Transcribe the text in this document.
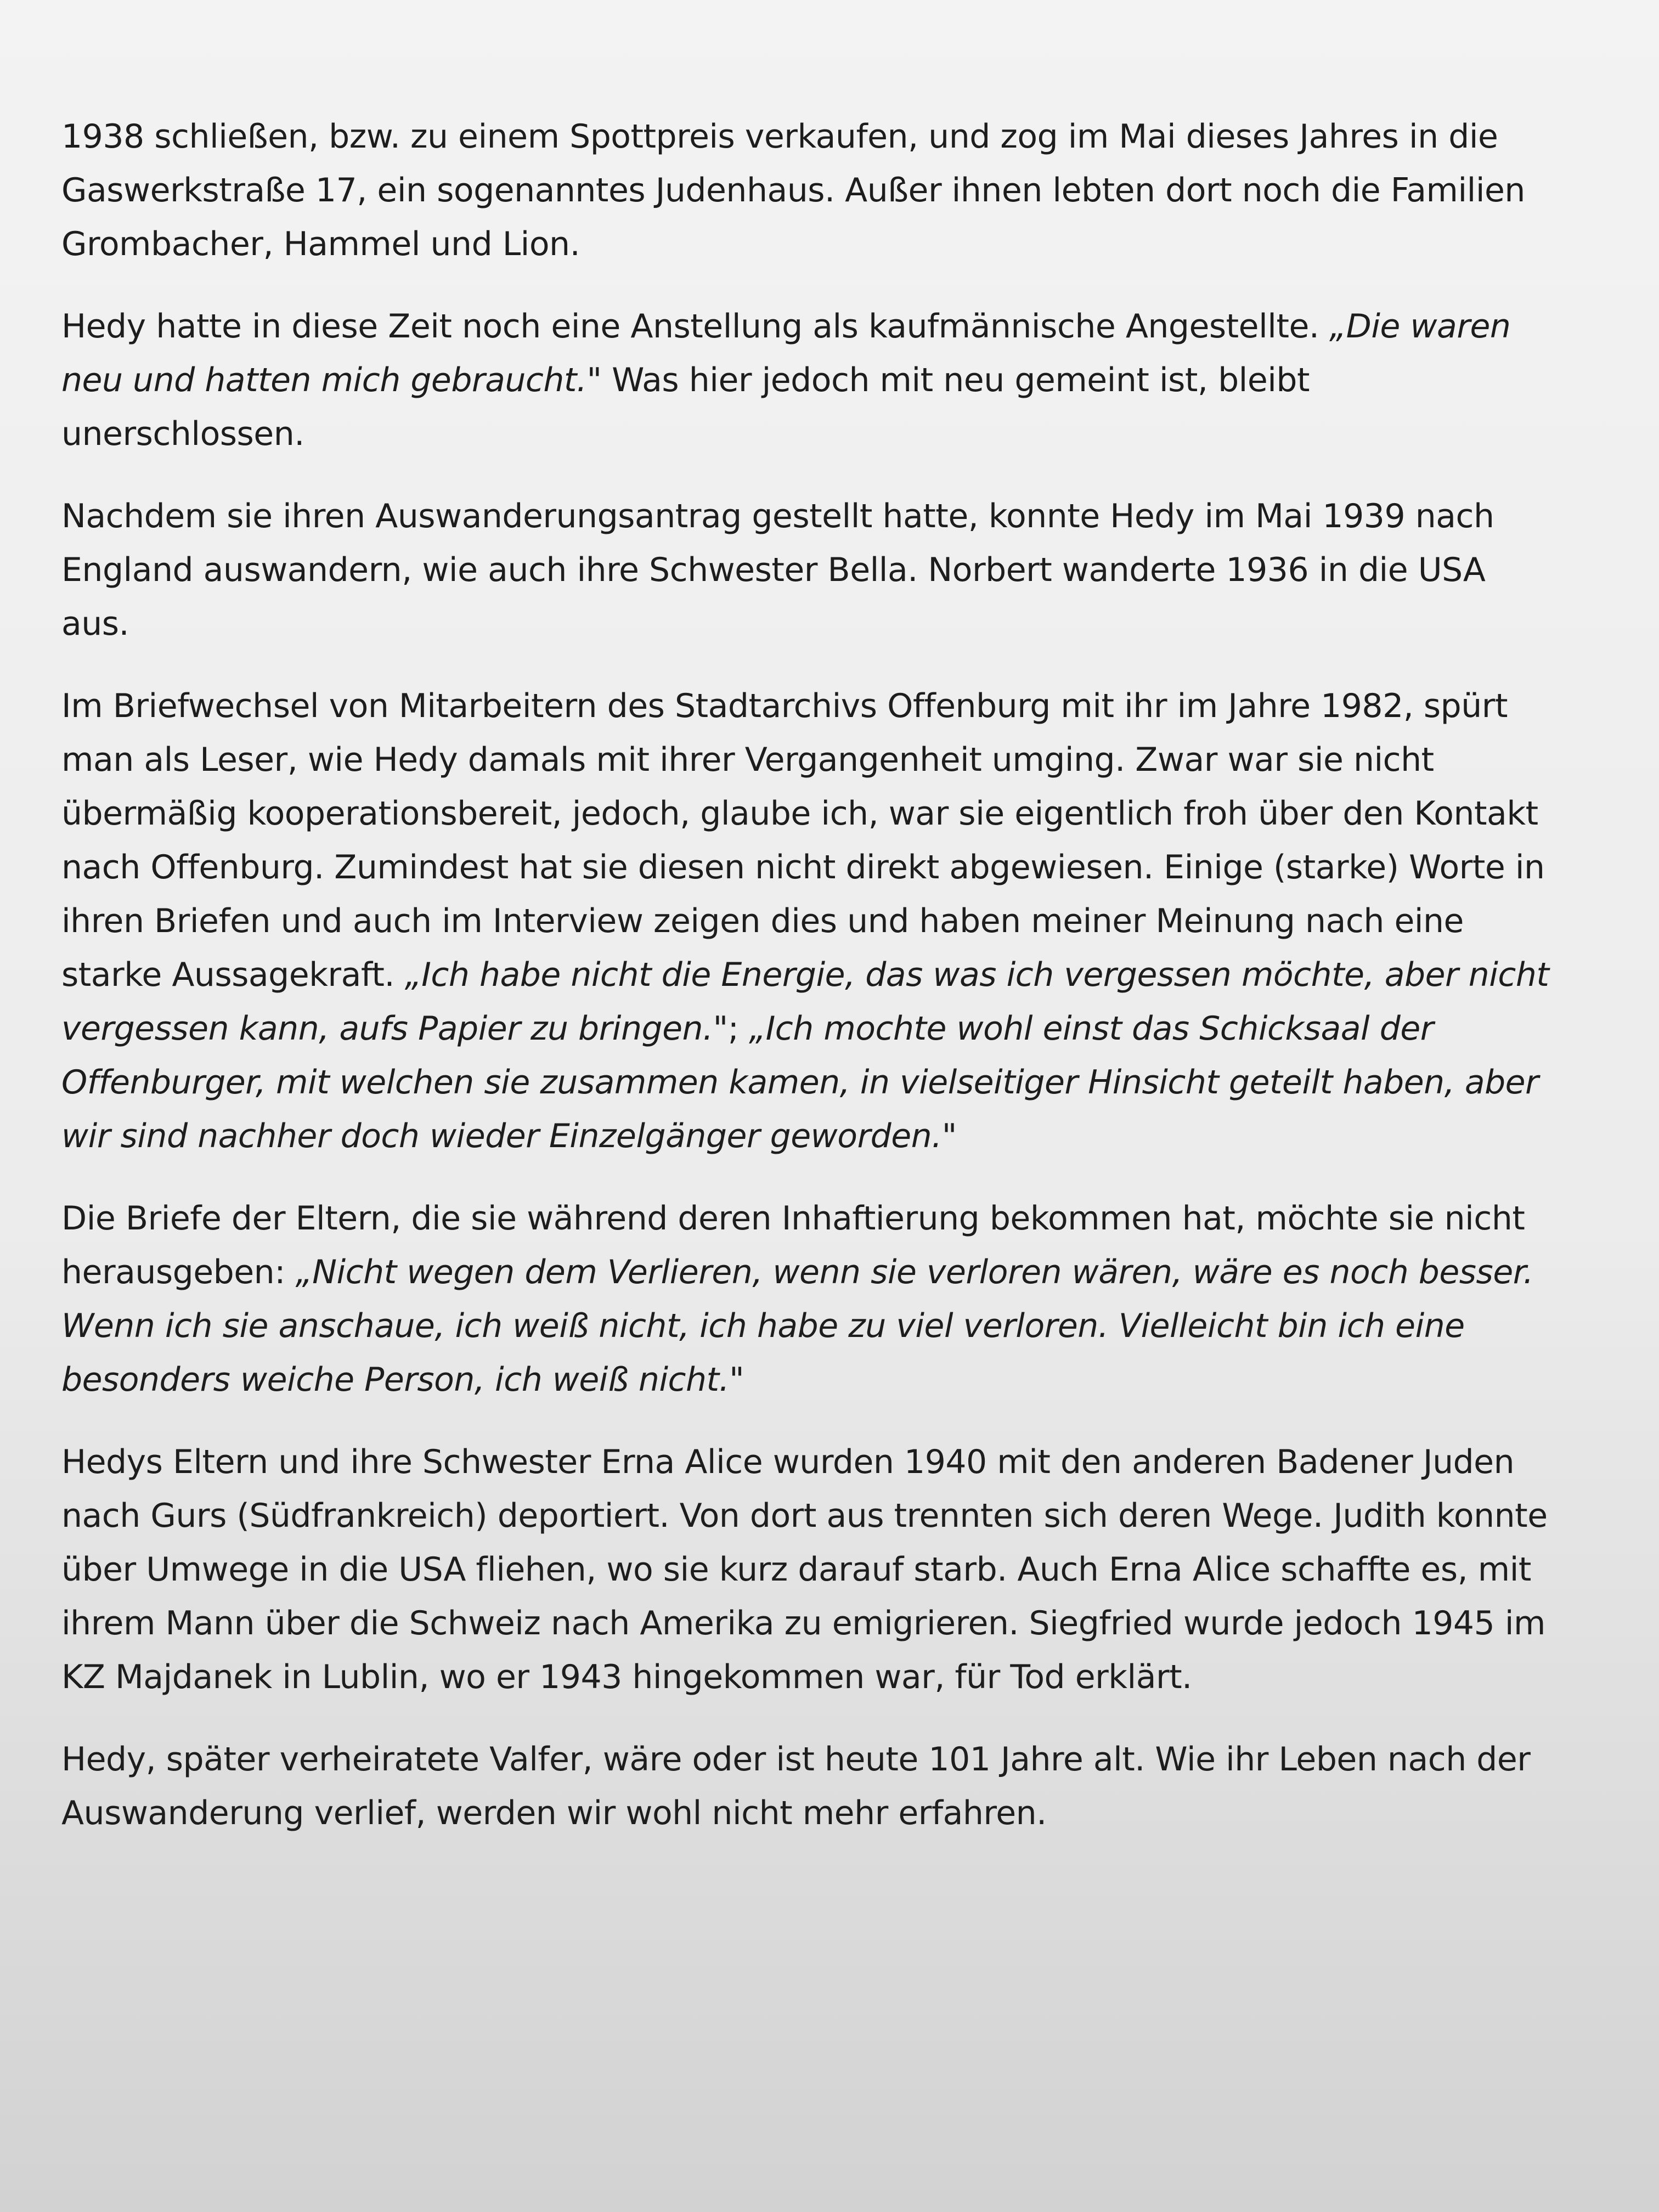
1938 schließen, bzw. zu einem Spottpreis verkaufen, und zog im Mai dieses Jahres in die Gaswerkstraße 17, ein sogenanntes Judenhaus. Außer ihnen lebten dort noch die Familien Grombacher, Hammel und Lion.

Hedy hatte in diese Zeit noch eine Anstellung als kaufmännische Angestellte. „Die waren neu und hatten mich gebraucht." Was hier jedoch mit neu gemeint ist, bleibt unerschlossen.

Nachdem sie ihren Auswanderungsantrag gestellt hatte, konnte Hedy im Mai 1939 nach England auswandern, wie auch ihre Schwester Bella. Norbert wanderte 1936 in die USA aus.

Im Briefwechsel von Mitarbeitern des Stadtarchivs Offenburg mit ihr im Jahre 1982, spürt man als Leser, wie Hedy damals mit ihrer Vergangenheit umging. Zwar war sie nicht übermäßig kooperationsbereit, jedoch, glaube ich, war sie eigentlich froh über den Kontakt nach Offenburg. Zumindest hat sie diesen nicht direkt abgewiesen. Einige (starke) Worte in ihren Briefen und auch im Interview zeigen dies und haben meiner Meinung nach eine starke Aussagekraft. „Ich habe nicht die Energie, das was ich vergessen möchte, aber nicht vergessen kann, aufs Papier zu bringen."; „Ich mochte wohl einst das Schicksaal der Offenburger, mit welchen sie zusammen kamen, in vielseitiger Hinsicht geteilt haben, aber wir sind nachher doch wieder Einzelgänger geworden."

Die Briefe der Eltern, die sie während deren Inhaftierung bekommen hat, möchte sie nicht herausgeben: „Nicht wegen dem Verlieren, wenn sie verloren wären, wäre es noch besser. Wenn ich sie anschaue, ich weiß nicht, ich habe zu viel verloren. Vielleicht bin ich eine besonders weiche Person, ich weiß nicht."

Hedys Eltern und ihre Schwester Erna Alice wurden 1940 mit den anderen Badener Juden nach Gurs (Südfrankreich) deportiert. Von dort aus trennten sich deren Wege. Judith konnte über Umwege in die USA fliehen, wo sie kurz darauf starb. Auch Erna Alice schaffte es, mit ihrem Mann über die Schweiz nach Amerika zu emigrieren. Siegfried wurde jedoch 1945 im KZ Majdanek in Lublin, wo er 1943 hingekommen war, für Tod erklärt.

Hedy, später verheiratete Valfer, wäre oder ist heute 101 Jahre alt. Wie ihr Leben nach der Auswanderung verlief, werden wir wohl nicht mehr erfahren.
